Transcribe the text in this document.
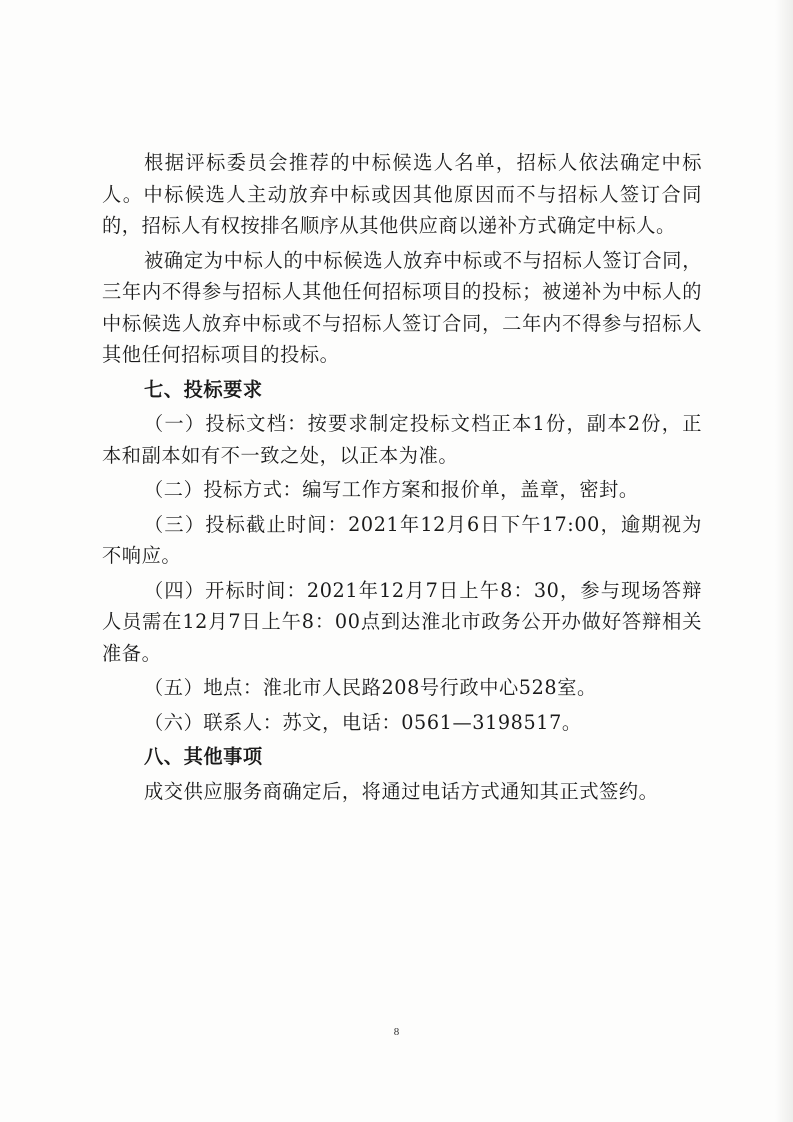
根据评标委员会推荐的中标候选人名单，招标人依法确定中标人。中标候选人主动放弃中标或因其他原因而不与招标人签订合同的，招标人有权按排名顺序从其他供应商以递补方式确定中标人。

被确定为中标人的中标候选人放弃中标或不与招标人签订合同，三年内不得参与招标人其他任何招标项目的投标；被递补为中标人的中标候选人放弃中标或不与招标人签订合同，二年内不得参与招标人其他任何招标项目的投标。

七、投标要求

（一）投标文档：按要求制定投标文档正本1份，副本2份，正本和副本如有不一致之处，以正本为准。

（二）投标方式：编写工作方案和报价单，盖章，密封。

（三）投标截止时间：2021年12月6日下午17:00，逾期视为不响应。

（四）开标时间：2021年12月7日上午8：30，参与现场答辩人员需在12月7日上午8：00点到达淮北市政务公开办做好答辩相关准备。

（五）地点：淮北市人民路208号行政中心528室。

（六）联系人：苏文，电话：0561—3198517。

八、其他事项

成交供应服务商确定后，将通过电话方式通知其正式签约。

8
